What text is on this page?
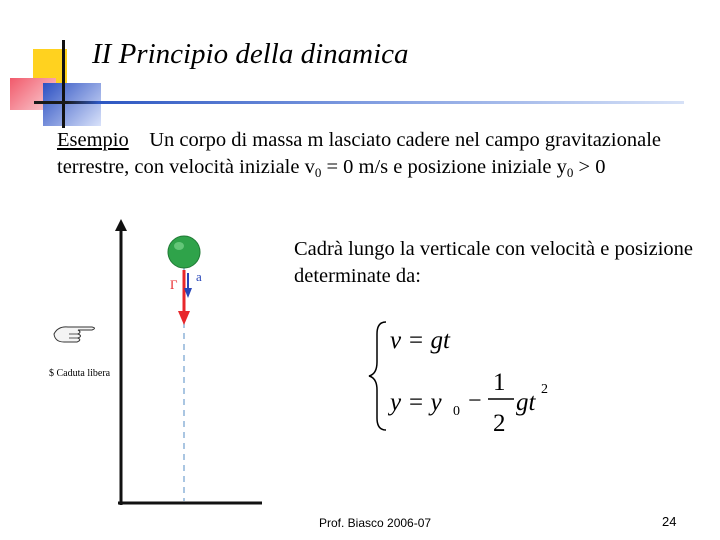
II Principio della dinamica
Esempio Un corpo di massa m lasciato cadere nel campo gravitazionale terrestre, con velocità iniziale $v_0 = 0$ m/s e posizione iniziale $y_0 > 0$
Γ
a
$ Caduta libera
Cadrà lungo la verticale con velocità e posizione determinate da:
v = gt
y = y 0 −
1
2
gt 2
Prof. Biasco 2006-07	24
